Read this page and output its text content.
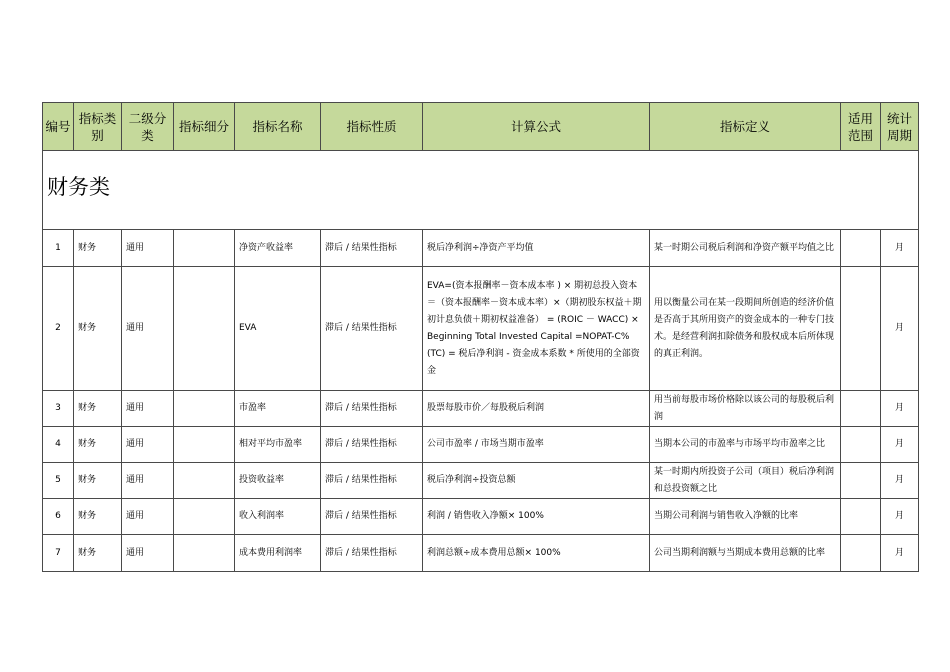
编号	指标类别	二级分类	指标细分	指标名称	指标性质	计算公式	指标定义	适用范围	统计周期
财务类									
1	财务	通用		净资产收益率	滞后 / 结果性指标	税后净利润÷净资产平均值	某一时期公司税后利润和净资产额平均值之比		月
2	财务	通用		EVA	滞后 / 结果性指标	EVA=(资本报酬率－资本成本率 ) × 期初总投入资本＝（资本报酬率－资本成本率）×（期初股东权益＋期初计息负债＋期初权益准备） = (ROIC － WACC) × Beginning Total Invested Capital =NOPAT-C% (TC) = 税后净利润 - 资金成本系数 * 所使用的全部资金	用以衡量公司在某一段期间所创造的经济价值是否高于其所用资产的资金成本的一种专门技术。是经营利润扣除债务和股权成本后所体现的真正利润。		月
3	财务	通用		市盈率	滞后 / 结果性指标	股票每股市价／每股税后利润	用当前每股市场价格除以该公司的每股税后利润		月
4	财务	通用		相对平均市盈率	滞后 / 结果性指标	公司市盈率 / 市场当期市盈率	当期本公司的市盈率与市场平均市盈率之比		月
5	财务	通用		投资收益率	滞后 / 结果性指标	税后净利润÷投资总额	某一时期内所投资子公司（项目）税后净利润和总投资额之比		月
6	财务	通用		收入利润率	滞后 / 结果性指标	利润 / 销售收入净额× 100%	当期公司利润与销售收入净额的比率		月
7	财务	通用		成本费用利润率	滞后 / 结果性指标	利润总额÷成本费用总额× 100%	公司当期利润额与当期成本费用总额的比率		月
